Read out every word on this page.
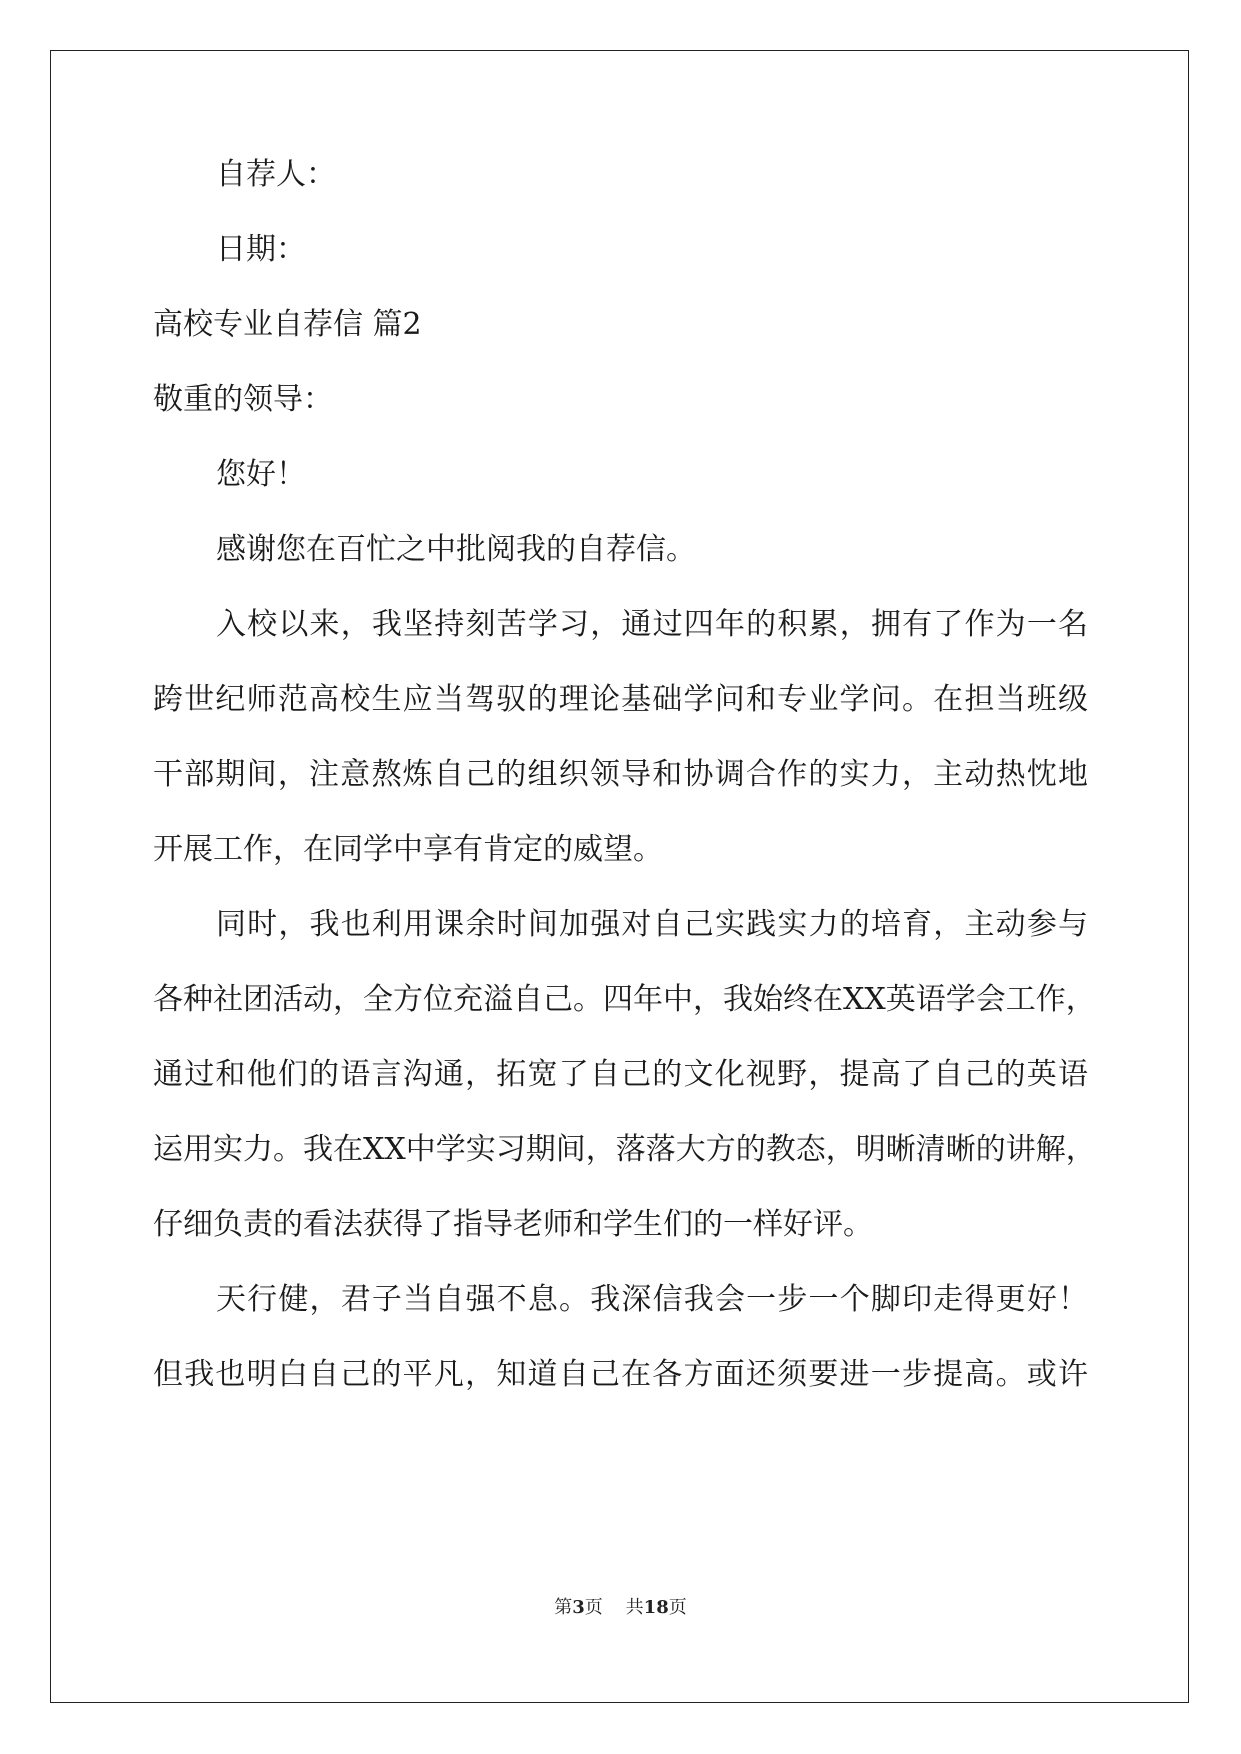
自荐人：
日期：
高校专业自荐信 篇2
敬重的领导：
您好！
感谢您在百忙之中批阅我的自荐信。
入校以来，我坚持刻苦学习，通过四年的积累，拥有了作为一名
跨世纪师范高校生应当驾驭的理论基础学问和专业学问。在担当班级
干部期间，注意熬炼自己的组织领导和协调合作的实力，主动热忱地
开展工作，在同学中享有肯定的威望。
同时，我也利用课余时间加强对自己实践实力的培育，主动参与
各种社团活动，全方位充溢自己。四年中，我始终在XX英语学会工作，
通过和他们的语言沟通，拓宽了自己的文化视野，提高了自己的英语
运用实力。我在XX中学实习期间，落落大方的教态，明晰清晰的讲解，
仔细负责的看法获得了指导老师和学生们的一样好评。
天行健，君子当自强不息。我深信我会一步一个脚印走得更好！
但我也明白自己的平凡，知道自己在各方面还须要进一步提高。或许
第3页 共18页
